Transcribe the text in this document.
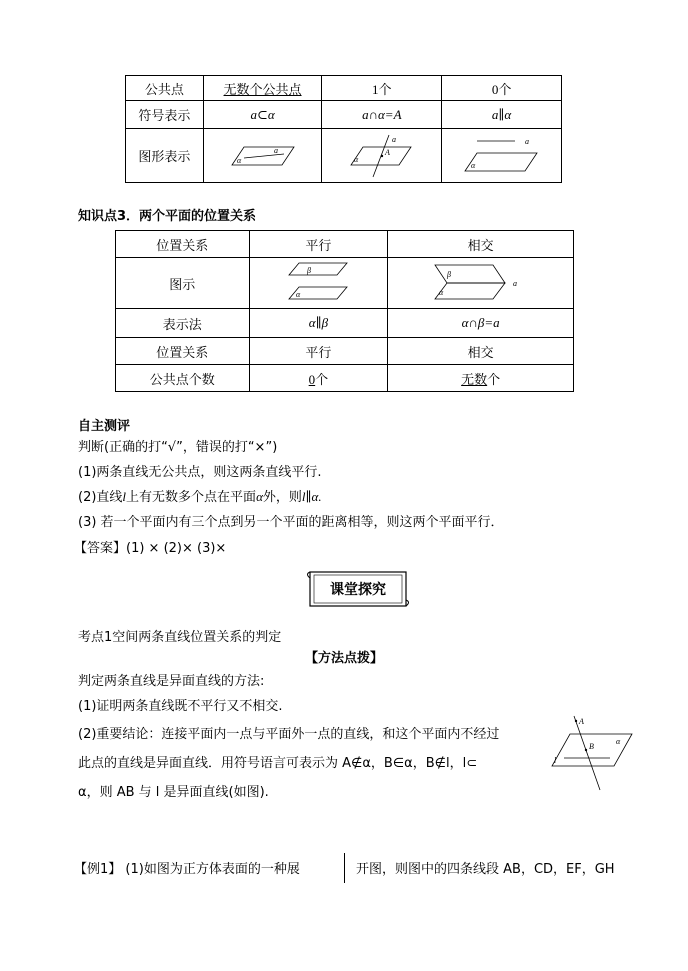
公共点	无数个公共点	1个	0个
符号表示	a⊂α	a∩α=A	a∥α
图形表示	α
a	α
A
a	a
α
知识点3．两个平面的位置关系
位置关系	平行	相交
图示	β
α	β
α
a

表示法	α∥β	α∩β=a
位置关系	平行	相交
公共点个数	0个	无数个
自主测评
判断(正确的打“√”，错误的打“×”)
(1)两条直线无公共点，则这两条直线平行.
(2)直线l上有无数多个点在平面α外，则l∥α.
(3) 若一个平面内有三个点到另一个平面的距离相等，则这两个平面平行．
【答案】(1) × (2)× (3)×
课堂探究
考点1空间两条直线位置关系的判定
【方法点拨】
判定两条直线是异面直线的方法:
(1)证明两条直线既不平行又不相交.
(2)重要结论：连接平面内一点与平面外一点的直线，和这个平面内不经过
此点的直线是异面直线．用符号语言可表示为 A∉α，B∈α，B∉l，l⊂
α，则 AB 与 l 是异面直线(如图).
A
B
l
α
【例1】 (1)如图为正方体表面的一种展	开图，则图中的四条线段 AB，CD，EF，GH
